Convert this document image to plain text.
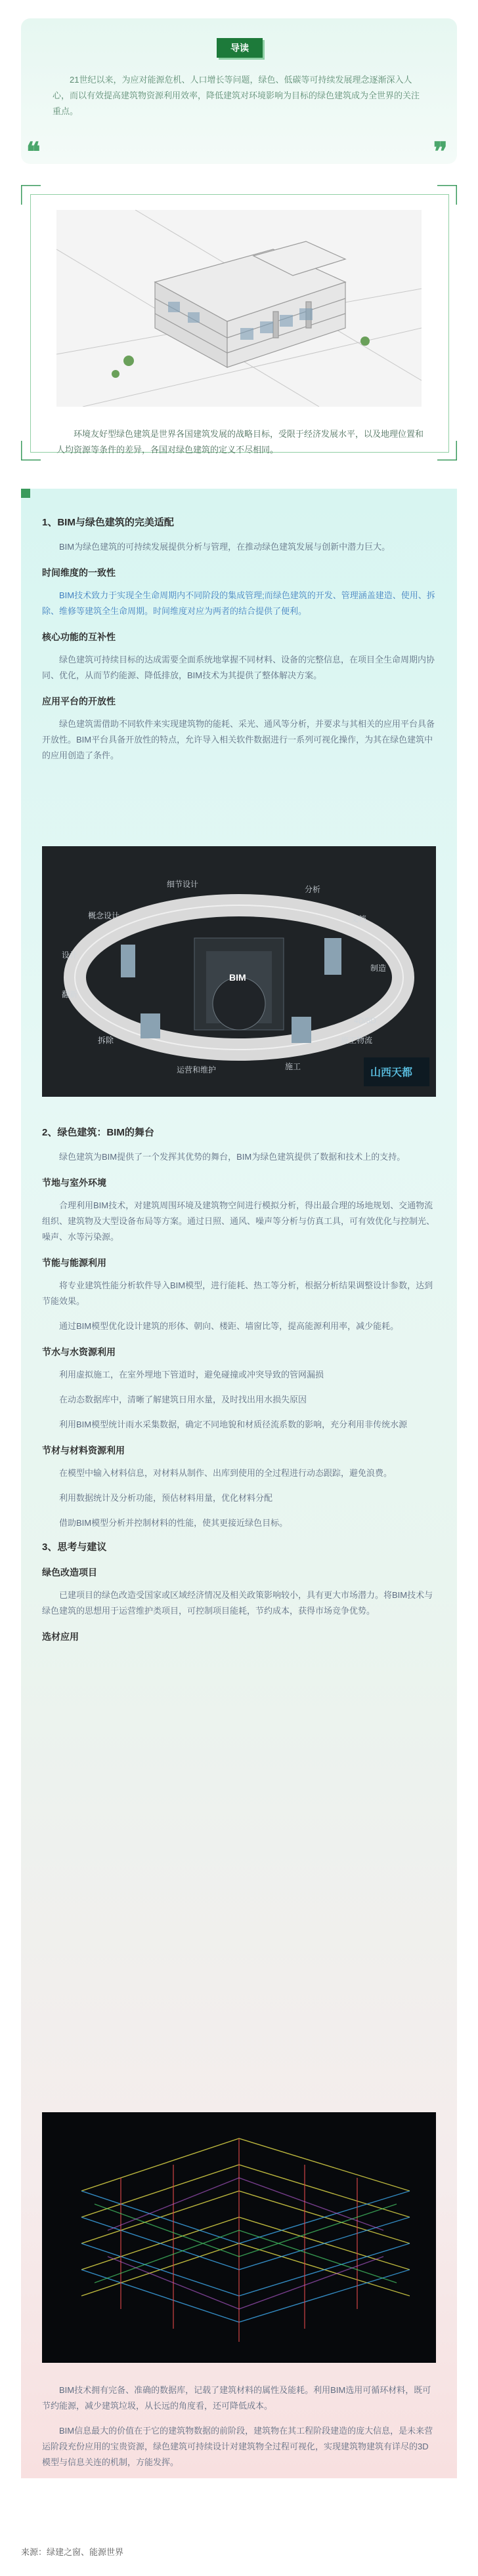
导读

21世纪以来，为应对能源危机、人口增长等问题，绿色、低碳等可持续发展理念逐渐深入人心，而以有效提高建筑物资源利用效率，降低建筑对环境影响为目标的绿色建筑成为全世界的关注重点。

❝	❞

环境友好型绿色建筑是世界各国建筑发展的战略目标，受限于经济发展水平，以及地理位置和人均资源等条件的差异，各国对绿色建筑的定义不尽相同。

1、BIM与绿色建筑的完美适配

BIM为绿色建筑的可持续发展提供分析与管理，在推动绿色建筑发展与创新中潜力巨大。

时间维度的一致性

BIM技术致力于实现全生命周期内不同阶段的集成管理;而绿色建筑的开发、管理涵盖建造、使用、拆除、维修等建筑全生命周期。时间维度对应为两者的结合提供了便利。

核心功能的互补性

绿色建筑可持续目标的达成需要全面系统地掌握不同材料、设备的完整信息，在项目全生命周期内协同、优化，从而节约能源、降低排放，BIM技术为其提供了整体解决方案。

应用平台的开放性

绿色建筑需借助不同软件来实现建筑物的能耗、采光、通风等分析，并要求与其相关的应用平台具备开放性。BIM平台具备开放性的特点，允许导入相关软件数据进行一系列可视化操作，为其在绿色建筑中的应用创造了条件。

概念设计
细节设计
分析
文档
制造
BIM
4D/5D
施工物流
施工
运营和维护
拆除
翻新
设计
山西天都

2、绿色建筑：BIM的舞台

绿色建筑为BIM提供了一个发挥其优势的舞台，BIM为绿色建筑提供了数据和技术上的支持。

节地与室外环境

合理利用BIM技术，对建筑周围环境及建筑物空间进行模拟分析，得出最合理的场地规划、交通物流组织、建筑物及大型设备布局等方案。通过日照、通风、噪声等分析与仿真工具，可有效优化与控制光、噪声、水等污染源。

节能与能源利用

将专业建筑性能分析软件导入BIM模型，进行能耗、热工等分析，根据分析结果调整设计参数，达到节能效果。

通过BIM模型优化设计建筑的形体、朝向、楼距、墙窗比等，提高能源利用率，减少能耗。

节水与水资源利用

利用虚拟施工，在室外埋地下管道时，避免碰撞或冲突导致的管网漏损

在动态数据库中，清晰了解建筑日用水量，及时找出用水损失原因

利用BIM模型统计雨水采集数据，确定不同地貌和材质径流系数的影响，充分利用非传统水源

节材与材料资源利用

在模型中输入材料信息，对材料从制作、出库到使用的全过程进行动态跟踪，避免浪费。

利用数据统计及分析功能，预估材料用量，优化材料分配

借助BIM模型分析并控制材料的性能，使其更接近绿色目标。

3、思考与建议

绿色改造项目

已建项目的绿色改造受国家或区域经济情况及相关政策影响较小，具有更大市场潜力。将BIM技术与绿色建筑的思想用于运营维护类项目，可控制项目能耗，节约成本，获得市场竞争优势。

选材应用

BIM技术拥有完备、准确的数据库，记载了建筑材料的属性及能耗。利用BIM选用可循环材料，既可节约能源，减少建筑垃圾，从长远的角度看，还可降低成本。

BIM信息最大的价值在于它的建筑物数据的前阶段，建筑物在其工程阶段建造的庞大信息，是未来营运阶段充份应用的宝贵资源，绿色建筑可持续设计对建筑物全过程可视化，实现建筑物建筑有详尽的3D模型与信息关连的机制，方能发挥。

来源：绿建之窗、能源世界
